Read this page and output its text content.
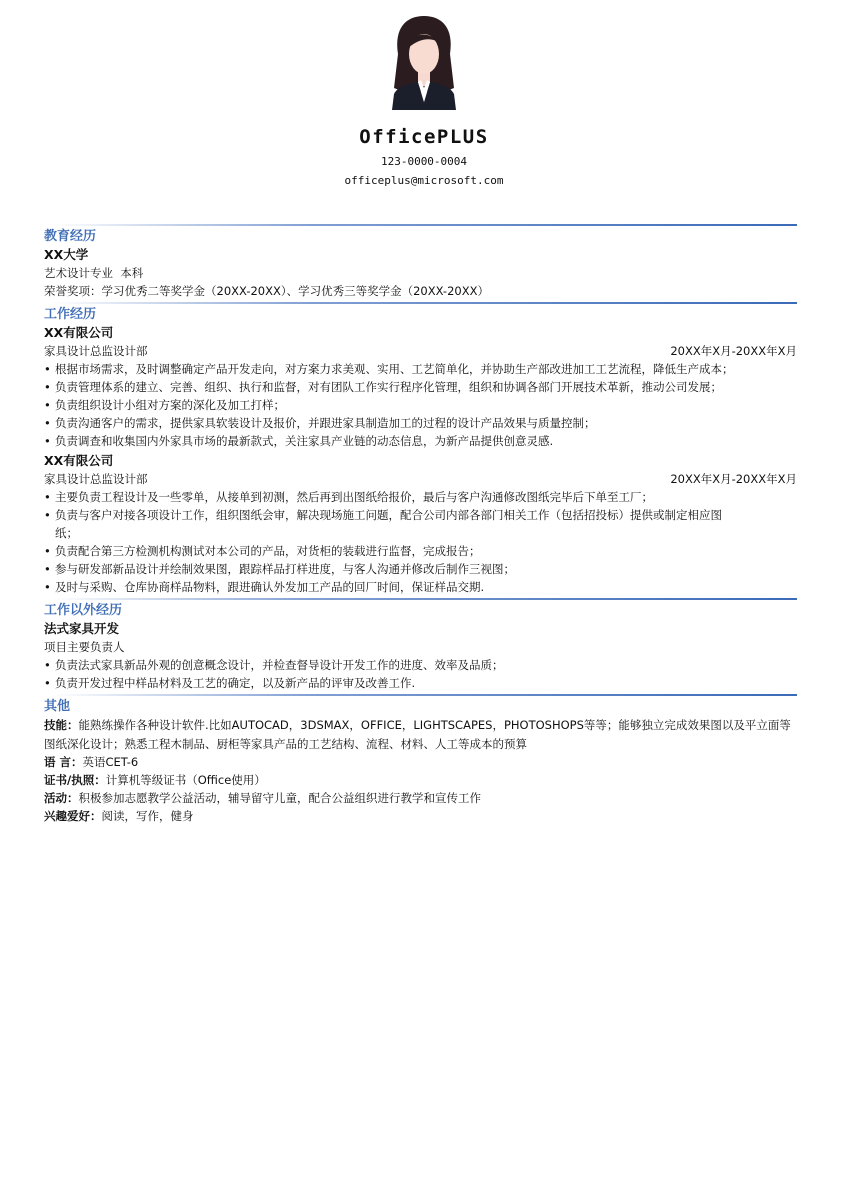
OfficePLUS
123-0000-0004
officeplus@microsoft.com
教育经历
XX大学
艺术设计专业  本科
荣誉奖项：学习优秀二等奖学金（20XX-20XX）、学习优秀三等奖学金（20XX-20XX）
工作经历
XX有限公司
家具设计总监设计部	20XX年X月-20XX年X月
• 根据市场需求，及时调整确定产品开发走向，对方案力求美观、实用、工艺简单化，并协助生产部改进加工工艺流程，降低生产成本；
• 负责管理体系的建立、完善、组织、执行和监督，对有团队工作实行程序化管理，组织和协调各部门开展技术革新，推动公司发展；
• 负责组织设计小组对方案的深化及加工打样；
• 负责沟通客户的需求，提供家具软装设计及报价，并跟进家具制造加工的过程的设计产品效果与质量控制；
• 负责调查和收集国内外家具市场的最新款式，关注家具产业链的动态信息，为新产品提供创意灵感.
XX有限公司
家具设计总监设计部	20XX年X月-20XX年X月
• 主要负责工程设计及一些零单，从接单到初测，然后再到出图纸给报价，最后与客户沟通修改图纸完毕后下单至工厂；
• 负责与客户对接各项设计工作，组织图纸会审，解决现场施工问题，配合公司内部各部门相关工作（包括招投标）提供或制定相应图
纸；
• 负责配合第三方检测机构测试对本公司的产品，对货柜的装载进行监督，完成报告；
• 参与研发部新品设计并绘制效果图，跟踪样品打样进度，与客人沟通并修改后制作三视图；
• 及时与采购、仓库协商样品物料，跟进确认外发加工产品的回厂时间，保证样品交期.
工作以外经历
法式家具开发
项目主要负责人
• 负责法式家具新品外观的创意概念设计，并检查督导设计开发工作的进度、效率及品质；
• 负责开发过程中样品材料及工艺的确定，以及新产品的评审及改善工作.
其他
技能：能熟练操作各种设计软件.比如AUTOCAD，3DSMAX，OFFICE，LIGHTSCAPES，PHOTOSHOPS等等；能够独立完成效果图以及平立面等
图纸深化设计；熟悉工程木制品、厨柜等家具产品的工艺结构、流程、材料、人工等成本的预算
语 言：英语CET-6
证书/执照：计算机等级证书（Office使用）
活动：积极参加志愿教学公益活动，辅导留守儿童，配合公益组织进行教学和宣传工作
兴趣爱好：阅读，写作，健身
